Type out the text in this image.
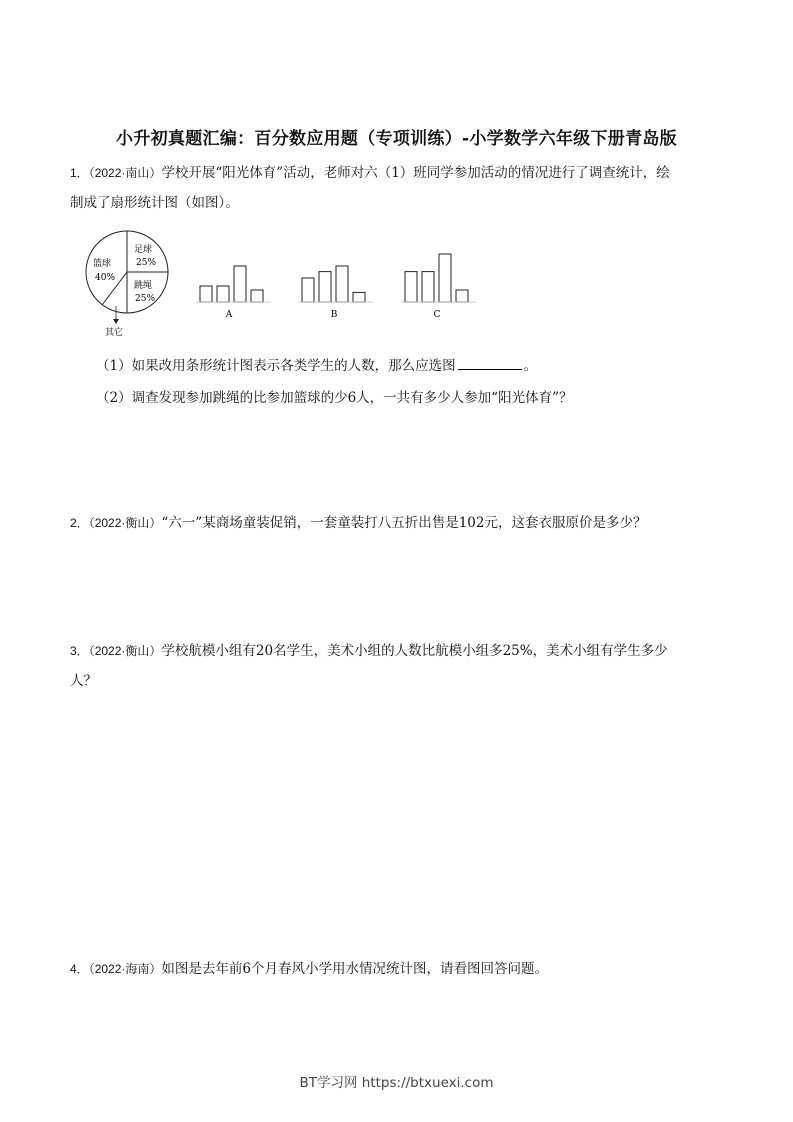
小升初真题汇编：百分数应用题（专项训练）-小学数学六年级下册青岛版
1．（2022·南山）学校开展“阳光体育”活动，老师对六（1）班同学参加活动的情况进行了调查统计，绘
制成了扇形统计图（如图）。
足球
25%
篮球
40%
跳绳
25%
其它
A	B	C
（1）如果改用条形统计图表示各类学生的人数，那么应选图	。
（2）调查发现参加跳绳的比参加篮球的少6人，一共有多少人参加“阳光体育”？
2．（2022·衡山）“六一”某商场童装促销，一套童装打八五折出售是102元，这套衣服原价是多少？
3．（2022·衡山）学校航模小组有20名学生，美术小组的人数比航模小组多25%，美术小组有学生多少
人？
4．（2022·海南）如图是去年前6个月春风小学用水情况统计图，请看图回答问题。
BT学习网 https://btxuexi.com
